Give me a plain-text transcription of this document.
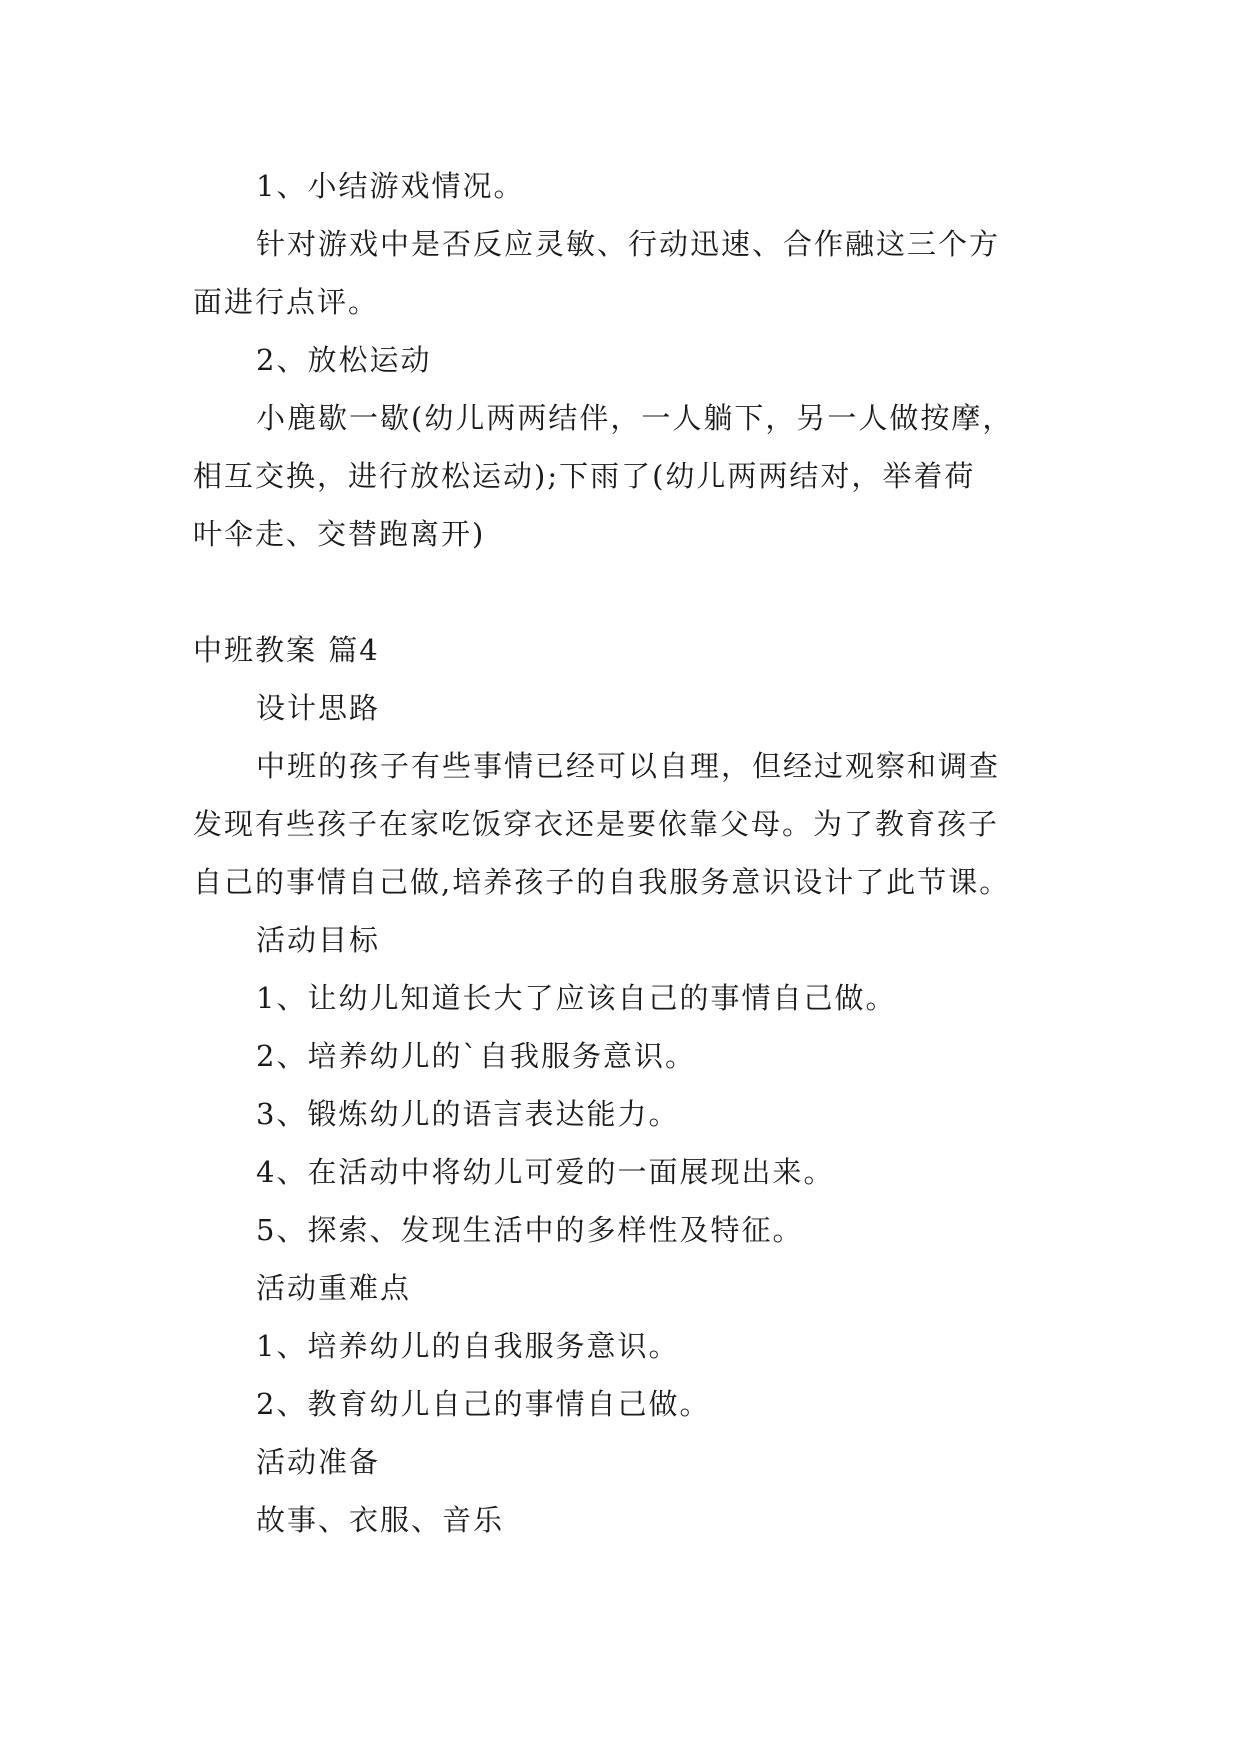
1、小结游戏情况。
针对游戏中是否反应灵敏、行动迅速、合作融这三个方
面进行点评。
2、放松运动
小鹿歇一歇(幼儿两两结伴，一人躺下，另一人做按摩，
相互交换，进行放松运动);下雨了(幼儿两两结对，举着荷
叶伞走、交替跑离开)
中班教案 篇4
设计思路
中班的孩子有些事情已经可以自理，但经过观察和调查
发现有些孩子在家吃饭穿衣还是要依靠父母。为了教育孩子
自己的事情自己做,培养孩子的自我服务意识设计了此节课。
活动目标
1、让幼儿知道长大了应该自己的事情自己做。
2、培养幼儿的`自我服务意识。
3、锻炼幼儿的语言表达能力。
4、在活动中将幼儿可爱的一面展现出来。
5、探索、发现生活中的多样性及特征。
活动重难点
1、培养幼儿的自我服务意识。
2、教育幼儿自己的事情自己做。
活动准备
故事、衣服、音乐
